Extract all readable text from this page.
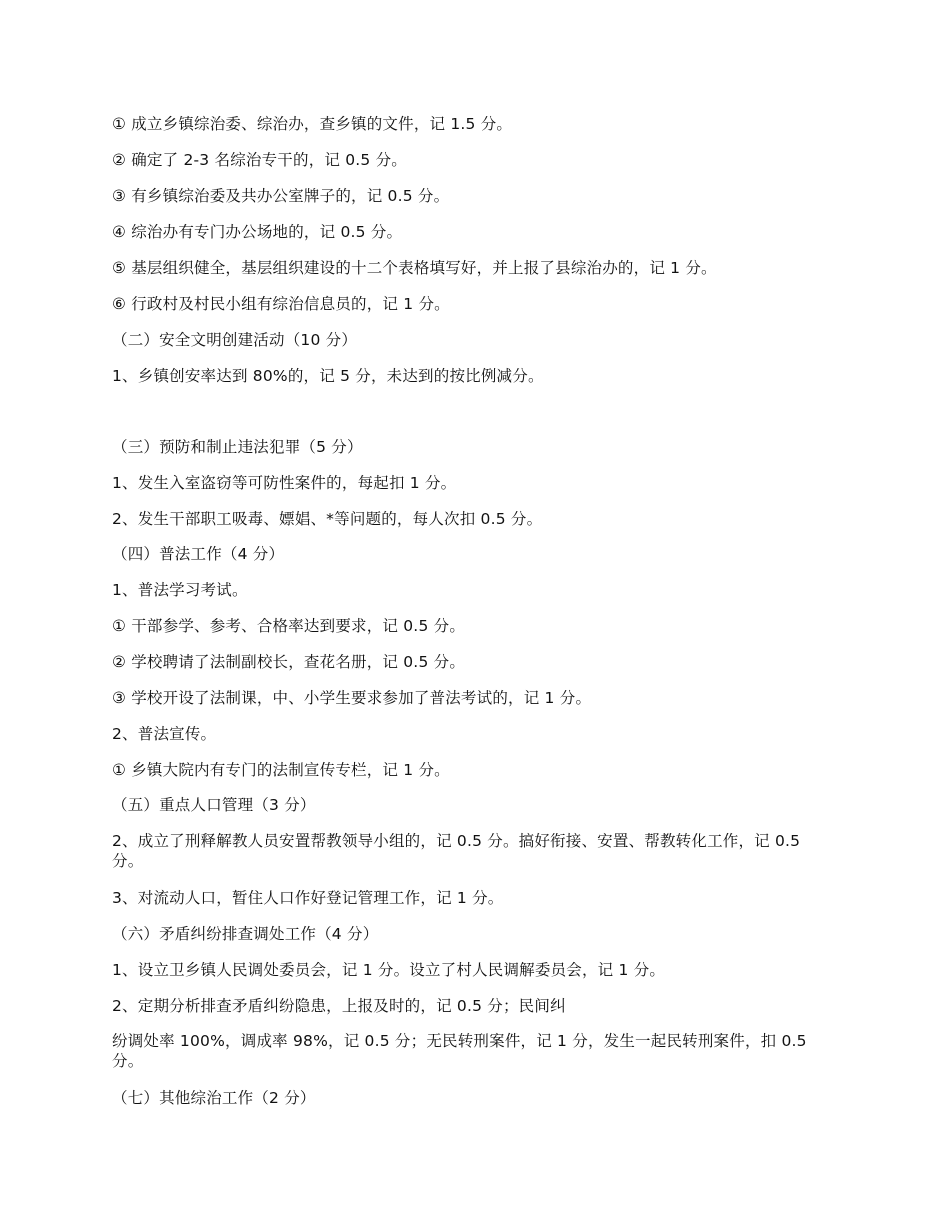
① 成立乡镇综治委、综治办，查乡镇的文件，记 1.5 分。
② 确定了 2-3 名综治专干的，记 0.5 分。
③ 有乡镇综治委及共办公室牌子的，记 0.5 分。
④ 综治办有专门办公场地的，记 0.5 分。
⑤ 基层组织健全，基层组织建设的十二个表格填写好，并上报了县综治办的，记 1 分。
⑥ 行政村及村民小组有综治信息员的，记 1 分。
（二）安全文明创建活动（10 分）
1、乡镇创安率达到 80%的，记 5 分，未达到的按比例减分。
（三）预防和制止违法犯罪（5 分）
1、发生入室盗窃等可防性案件的，每起扣 1 分。
2、发生干部职工吸毒、嫖娼、*等问题的，每人次扣 0.5 分。
（四）普法工作（4 分）
1、普法学习考试。
① 干部参学、参考、合格率达到要求，记 0.5 分。
② 学校聘请了法制副校长，查花名册，记 0.5 分。
③ 学校开设了法制课，中、小学生要求参加了普法考试的，记 1 分。
2、普法宣传。
① 乡镇大院内有专门的法制宣传专栏，记 1 分。
（五）重点人口管理（3 分）
2、成立了刑释解教人员安置帮教领导小组的，记 0.5 分。搞好衔接、安置、帮教转化工作，记 0.5 分。
3、对流动人口，暂住人口作好登记管理工作，记 1 分。
（六）矛盾纠纷排查调处工作（4 分）
1、设立卫乡镇人民调处委员会，记 1 分。设立了村人民调解委员会，记 1 分。
2、定期分析排查矛盾纠纷隐患，上报及时的，记 0.5 分；民间纠
纷调处率 100%，调成率 98%，记 0.5 分；无民转刑案件，记 1 分，发生一起民转刑案件，扣 0.5 分。
（七）其他综治工作（2 分）
